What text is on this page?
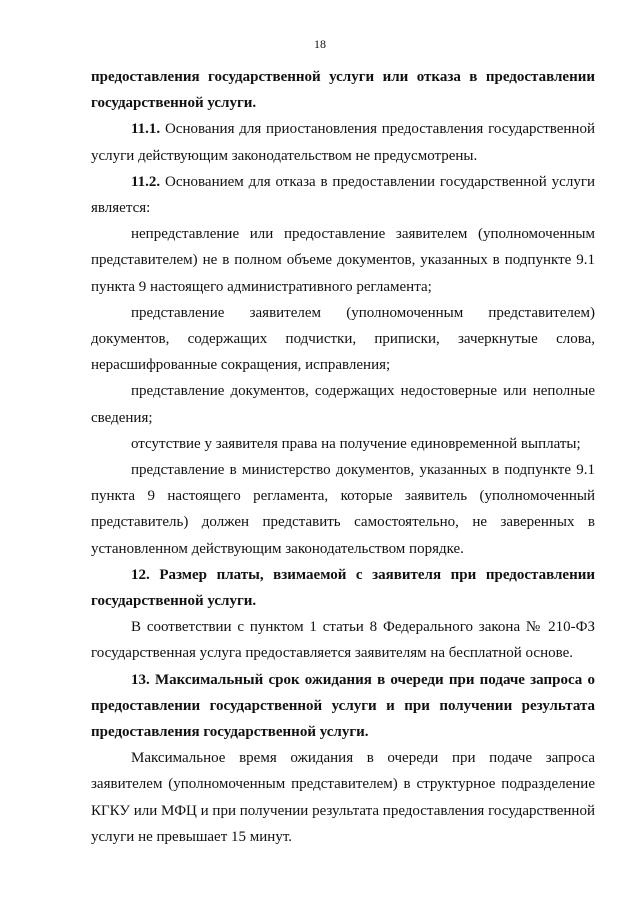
18

предоставления государственной услуги или отказа в предоставлении государственной услуги.

11.1. Основания для приостановления предоставления государственной услуги действующим законодательством не предусмотрены.

11.2. Основанием для отказа в предоставлении государственной услуги является:

непредставление или предоставление заявителем (уполномоченным представителем) не в полном объеме документов, указанных в подпункте 9.1 пункта 9 настоящего административного регламента;

представление заявителем (уполномоченным представителем) документов, содержащих подчистки, приписки, зачеркнутые слова, нерасшифрованные сокращения, исправления;

представление документов, содержащих недостоверные или неполные сведения;

отсутствие у заявителя права на получение единовременной выплаты;

представление в министерство документов, указанных в подпункте 9.1 пункта 9 настоящего регламента, которые заявитель (уполномоченный представитель) должен представить самостоятельно, не заверенных в установленном действующим законодательством порядке.

12. Размер платы, взимаемой с заявителя при предоставлении государственной услуги.

В соответствии с пунктом 1 статьи 8 Федерального закона № 210-ФЗ государственная услуга предоставляется заявителям на бесплатной основе.

13. Максимальный срок ожидания в очереди при подаче запроса о предоставлении государственной услуги и при получении результата предоставления государственной услуги.

Максимальное время ожидания в очереди при подаче запроса заявителем (уполномоченным представителем) в структурное подразделение КГКУ или МФЦ и при получении результата предоставления государственной услуги не превышает 15 минут.
